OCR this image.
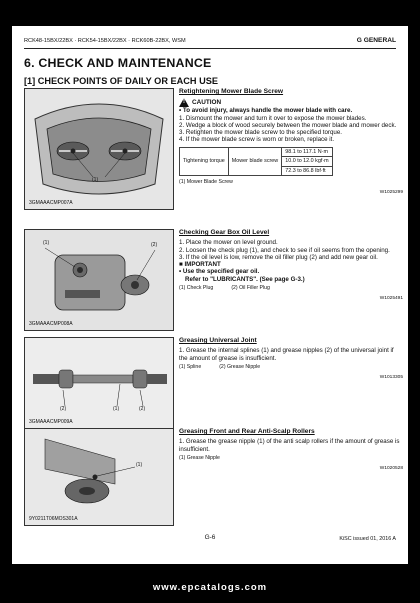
RCK48-15BX/22BX · RCK54-15BX/22BX · RCK60B-22BX, WSM	G GENERAL
6. CHECK AND MAINTENANCE
[1] CHECK POINTS OF DAILY OR EACH USE
(1)
3GMAAACMP007A
(1)	(2)
3GMAAACMP008A
(2)	(1)	(2)
3GMAAACMP009A
(1)
9Y0211T06MOS301A
Retightening Mower Blade Screw
! CAUTION
• To avoid injury, always handle the mower blade with care.
1. Dismount the mower and turn it over to expose the mower blades.
2. Wedge a block of wood securely between the mower blade and mower deck.
3. Retighten the mower blade screw to the specified torque.
4. If the mower blade screw is worn or broken, replace it.
Tightening torque	Mower blade screw	98.1 to 117.1 N·m
10.0 to 12.0 kgf·m
72.3 to 86.8 lbf·ft
(1) Mower Blade Screw
W1025299
Checking Gear Box Oil Level
1. Place the mower on level ground.
2. Loosen the check plug (1), and check to see if oil seems from the opening.
3. If the oil level is low, remove the oil filler plug (2) and add new gear oil.
■ IMPORTANT
• Use the specified gear oil.
Refer to "LUBRICANTS". (See page G-3.)
(1) Check Plug	(2) Oil Filler Plug
W1025491
Greasing Universal Joint
1. Grease the internal splines (1) and grease nipples (2) of the universal joint if the amount of grease is insufficient.
(1) Spline	(2) Grease Nipple
W1013305
Greasing Front and Rear Anti-Scalp Rollers
1. Grease the grease nipple (1) of the anti scalp rollers if the amount of grease is insufficient.
(1) Grease Nipple
W1020528
G-6	KiSC issued 01, 2016 A
www.epcatalogs.com
